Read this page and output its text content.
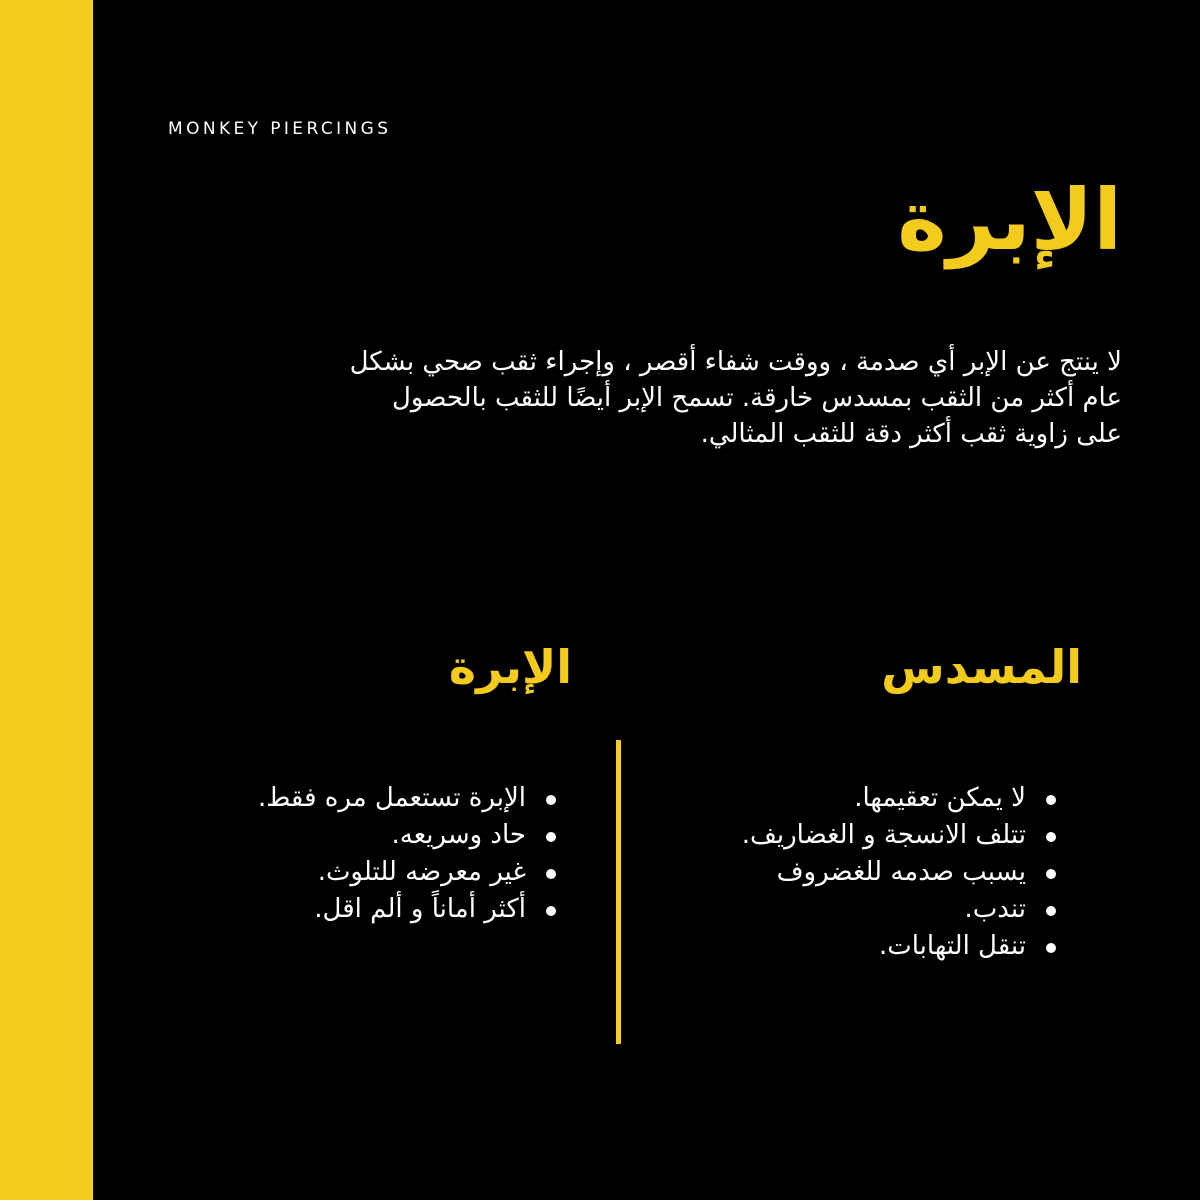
MONKEY PIERCINGS
الإبرة

لا ينتج عن الإبر أي صدمة ، ووقت شفاء أقصر ، وإجراء ثقب صحي بشكل عام أكثر من الثقب بمسدس خارقة. تسمح الإبر أيضًا للثقب بالحصول على زاوية ثقب أكثر دقة للثقب المثالي.

المسدس
الإبرة
لا يمكن تعقيمها.
تتلف الانسجة و الغضاريف.
يسبب صدمه للغضروف
تندب.
تنقل التهابات.
الإبرة تستعمل مره فقط.
حاد وسريعه.
غير معرضه للتلوث.
أكثر أماناً و ألم اقل.
